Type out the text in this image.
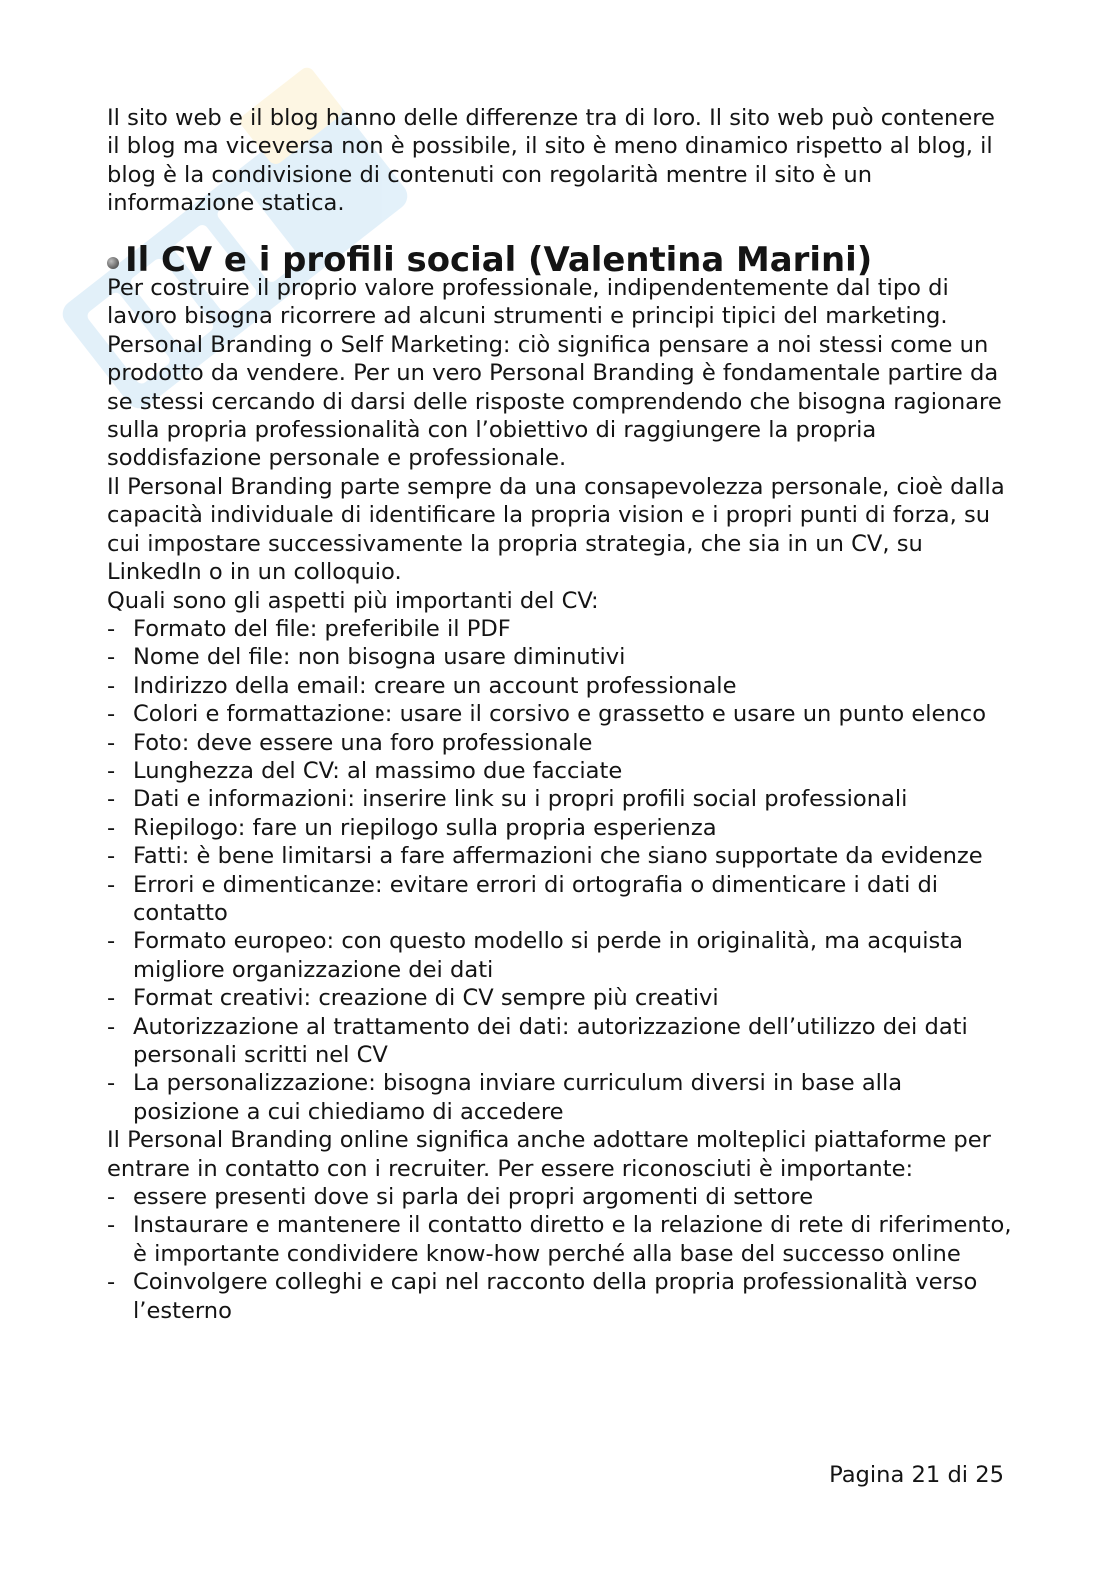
Il sito web e il blog hanno delle differenze tra di loro. Il sito web può contenere il blog ma viceversa non è possibile, il sito è meno dinamico rispetto al blog, il blog è la condivisione di contenuti con regolarità mentre il sito è un informazione statica.

Il CV e i profili social (Valentina Marini)

Per costruire il proprio valore professionale, indipendentemente dal tipo di lavoro bisogna ricorrere ad alcuni strumenti e principi tipici del marketing. Personal Branding o Self Marketing: ciò significa pensare a noi stessi come un prodotto da vendere. Per un vero Personal Branding è fondamentale partire da se stessi cercando di darsi delle risposte comprendendo che bisogna ragionare sulla propria professionalità con l’obiettivo di raggiungere la propria soddisfazione personale e professionale.

Il Personal Branding parte sempre da una consapevolezza personale, cioè dalla capacità individuale di identificare la propria vision e i propri punti di forza, su cui impostare successivamente la propria strategia, che sia in un CV, su LinkedIn o in un colloquio.

Quali sono gli aspetti più importanti del CV:

- Formato del file: preferibile il PDF
- Nome del file: non bisogna usare diminutivi
- Indirizzo della email: creare un account professionale
- Colori e formattazione: usare il corsivo e grassetto e usare un punto elenco
- Foto: deve essere una foro professionale
- Lunghezza del CV: al massimo due facciate
- Dati e informazioni: inserire link su i propri profili social professionali
- Riepilogo: fare un riepilogo sulla propria esperienza
- Fatti: è bene limitarsi a fare affermazioni che siano supportate da evidenze
- Errori e dimenticanze: evitare errori di ortografia o dimenticare i dati di contatto
- Formato europeo: con questo modello si perde in originalità, ma acquista migliore organizzazione dei dati
- Format creativi: creazione di CV sempre più creativi
- Autorizzazione al trattamento dei dati: autorizzazione dell’utilizzo dei dati personali scritti nel CV
- La personalizzazione: bisogna inviare curriculum diversi in base alla posizione a cui chiediamo di accedere

Il Personal Branding online significa anche adottare molteplici piattaforme per entrare in contatto con i recruiter. Per essere riconosciuti è importante:

- essere presenti dove si parla dei propri argomenti di settore
- Instaurare e mantenere il contatto diretto e la relazione di rete di riferimento, è importante condividere know-how perché alla base del successo online
- Coinvolgere colleghi e capi nel racconto della propria professionalità verso l’esterno
Pagina 21 di 25
